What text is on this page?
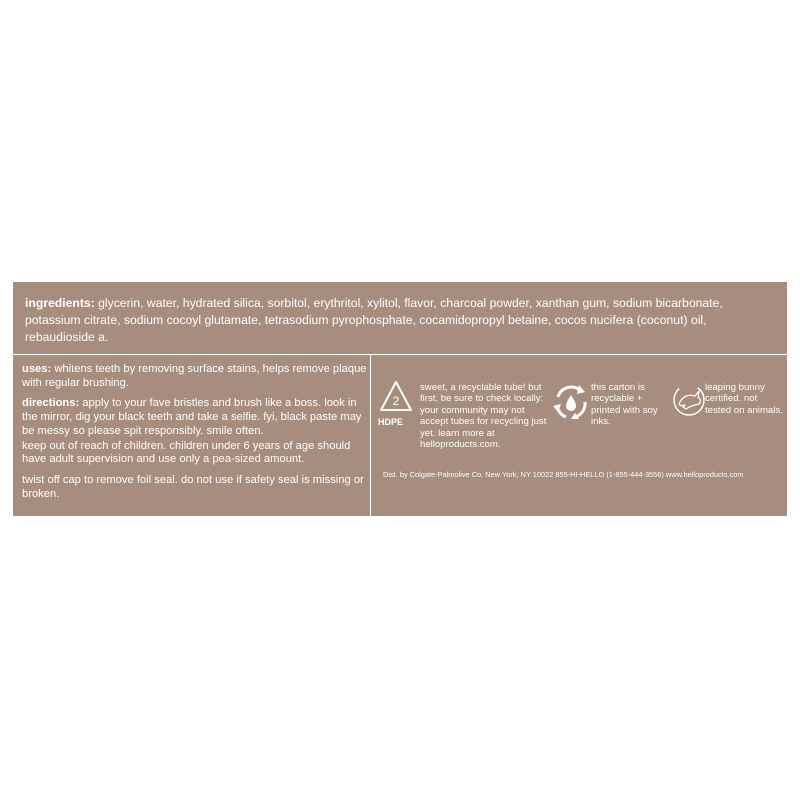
ingredients: glycerin, water, hydrated silica, sorbitol, erythritol, xylitol, flavor, charcoal powder, xanthan gum, sodium bicarbonate, potassium citrate, sodium cocoyl glutamate, tetrasodium pyrophosphate, cocamidopropyl betaine, cocos nucifera (coconut) oil, rebaudioside a.

uses: whitens teeth by removing surface stains, helps remove plaque with regular brushing.

directions: apply to your fave bristles and brush like a boss. look in the mirror, dig your black teeth and take a selfie. fyi, black paste may be messy so please spit responsibly. smile often.

keep out of reach of children. children under 6 years of age should have adult supervision and use only a pea-sized amount.

twist off cap to remove foil seal. do not use if safety seal is missing or broken.

2
HDPE
sweet, a recyclable tube! but first, be sure to check locally: your community may not accept tubes for recycling just yet. learn more at helloproducts.com.
this carton is recyclable + printed with soy inks.
leaping bunny certified. not tested on animals.
Dist. by Colgate-Palmolive Co. New York, NY 10022 855-HI-HELLO (1-855-444-3556) www.helloproducts.com
